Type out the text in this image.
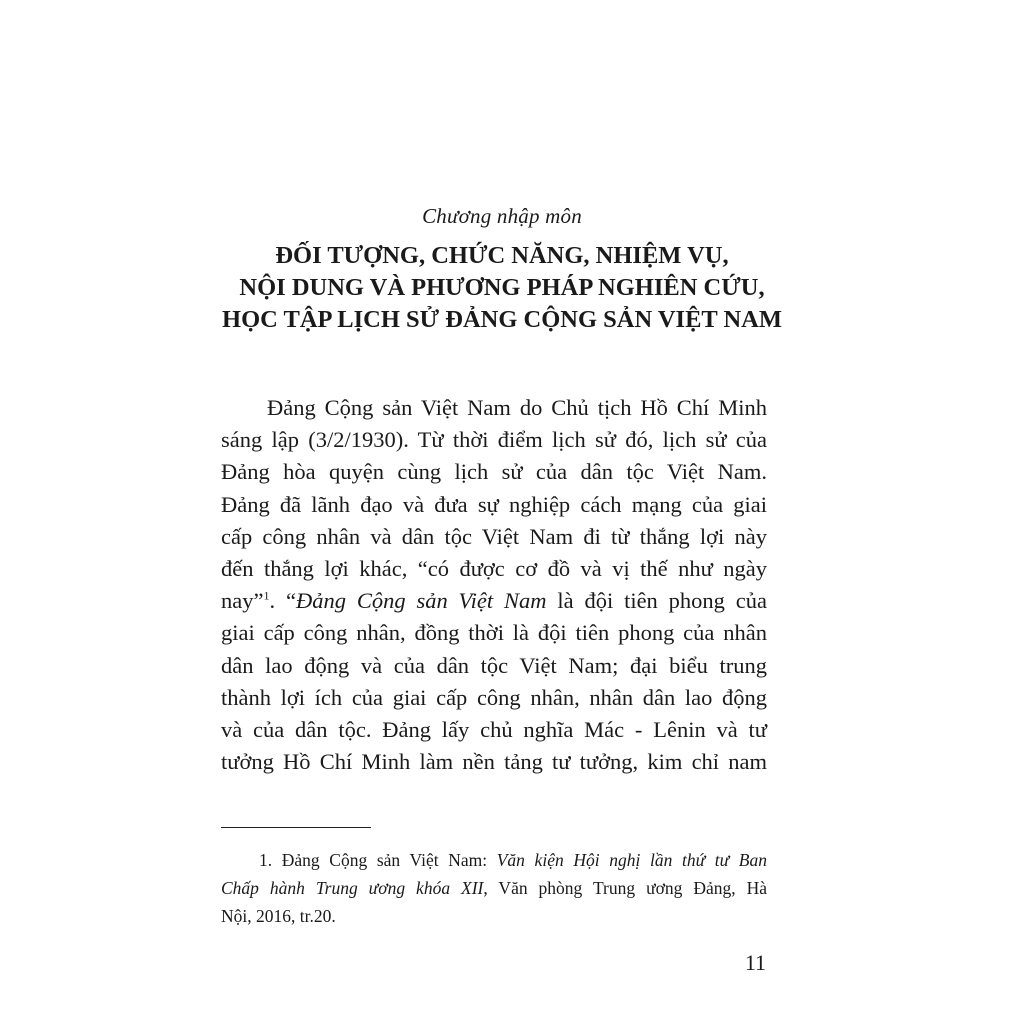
Chương nhập môn
ĐỐI TƯỢNG, CHỨC NĂNG, NHIỆM VỤ,
NỘI DUNG VÀ PHƯƠNG PHÁP NGHIÊN CỨU,
HỌC TẬP LỊCH SỬ ĐẢNG CỘNG SẢN VIỆT NAM
Đảng Cộng sản Việt Nam do Chủ tịch Hồ Chí Minh
sáng lập (3/2/1930). Từ thời điểm lịch sử đó, lịch sử của
Đảng hòa quyện cùng lịch sử của dân tộc Việt Nam.
Đảng đã lãnh đạo và đưa sự nghiệp cách mạng của giai
cấp công nhân và dân tộc Việt Nam đi từ thắng lợi này
đến thắng lợi khác, “có được cơ đồ và vị thế như ngày
nay”$^1$. “Đảng Cộng sản Việt Nam là đội tiên phong của
giai cấp công nhân, đồng thời là đội tiên phong của nhân
dân lao động và của dân tộc Việt Nam; đại biểu trung
thành lợi ích của giai cấp công nhân, nhân dân lao động
và của dân tộc. Đảng lấy chủ nghĩa Mác - Lênin và tư
tưởng Hồ Chí Minh làm nền tảng tư tưởng, kim chỉ nam
1. Đảng Cộng sản Việt Nam: Văn kiện Hội nghị lần thứ tư Ban
Chấp hành Trung ương khóa XII, Văn phòng Trung ương Đảng, Hà
Nội, 2016, tr.20.
11
